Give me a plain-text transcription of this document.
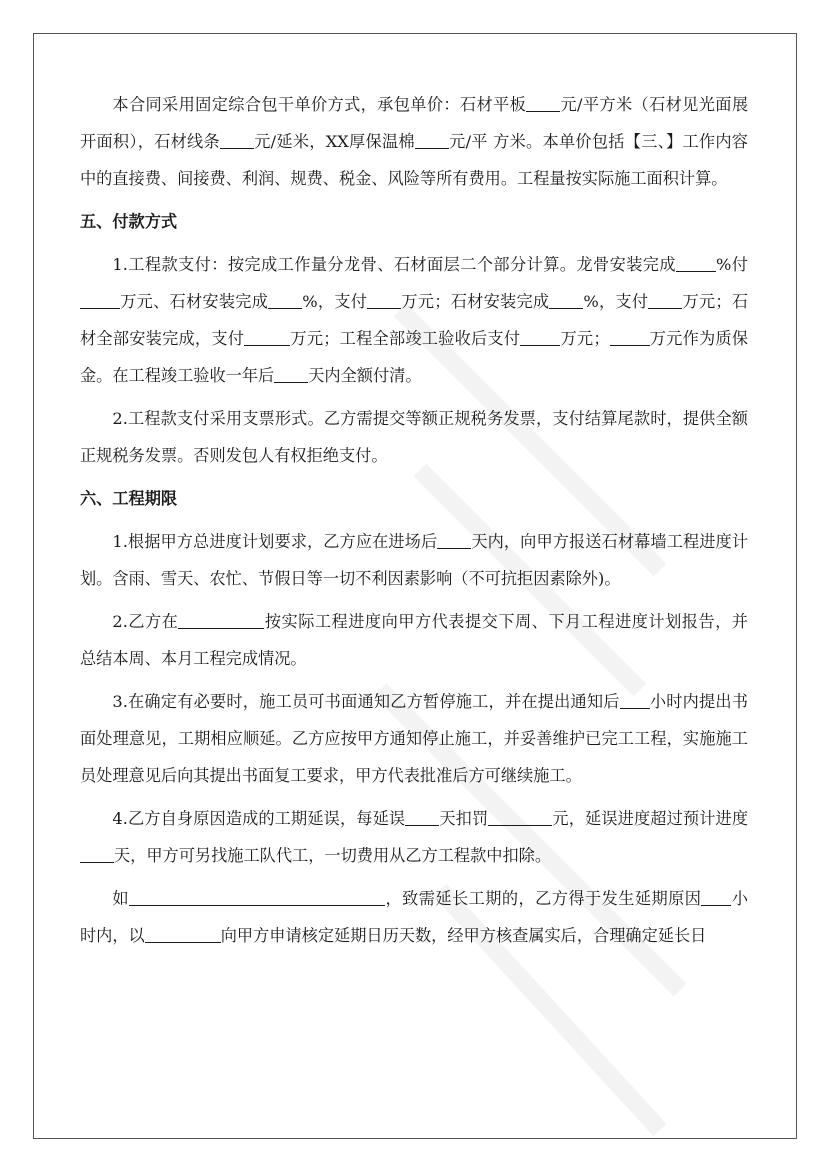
本合同采用固定综合包干单价方式，承包单价：石材平板 元/平方米（石材见光面展开面积），石材线条 元/延米，XX厚保温棉 元/平 方米。本单价包括【三、】工作内容中的直接费、间接费、利润、规费、税金、风险等所有费用。工程量按实际施工面积计算。

五、付款方式

1.工程款支付：按完成工作量分龙骨、石材面层二个部分计算。龙骨安装完成 %付万元、石材安装完成 %，支付 万元；石材安装完成 %，支付 万元；石材全部安装完成，支付	万元；工程全部竣工验收后支付 万元； 万元作为质保金。在工程竣工验收一年后 天内全额付清。

2.工程款支付采用支票形式。乙方需提交等额正规税务发票，支付结算尾款时，提供全额正规税务发票。否则发包人有权拒绝支付。

六、工程期限

1.根据甲方总进度计划要求，乙方应在进场后 天内，向甲方报送石材幕墙工程进度计划。含雨、雪天、农忙、节假日等一切不利因素影响（不可抗拒因素除外)。

2.乙方在	按实际工程进度向甲方代表提交下周、下月工程进度计划报告，并总结本周、本月工程完成情况。

3.在确定有必要时，施工员可书面通知乙方暂停施工，并在提出通知后 小时内提出书面处理意见，工期相应顺延。乙方应按甲方通知停止施工，并妥善维护已完工工程，实施施工员处理意见后向其提出书面复工要求，甲方代表批准后方可继续施工。

4.乙方自身原因造成的工期延误，每延误 天扣罚	元，延误进度超过预计进度天，甲方可另找施工队代工，一切费用从乙方工程款中扣除。

如	，致需延长工期的，乙方得于发生延期原因 小时内，以	向甲方申请核定延期日历天数，经甲方核查属实后，合理确定延长日
